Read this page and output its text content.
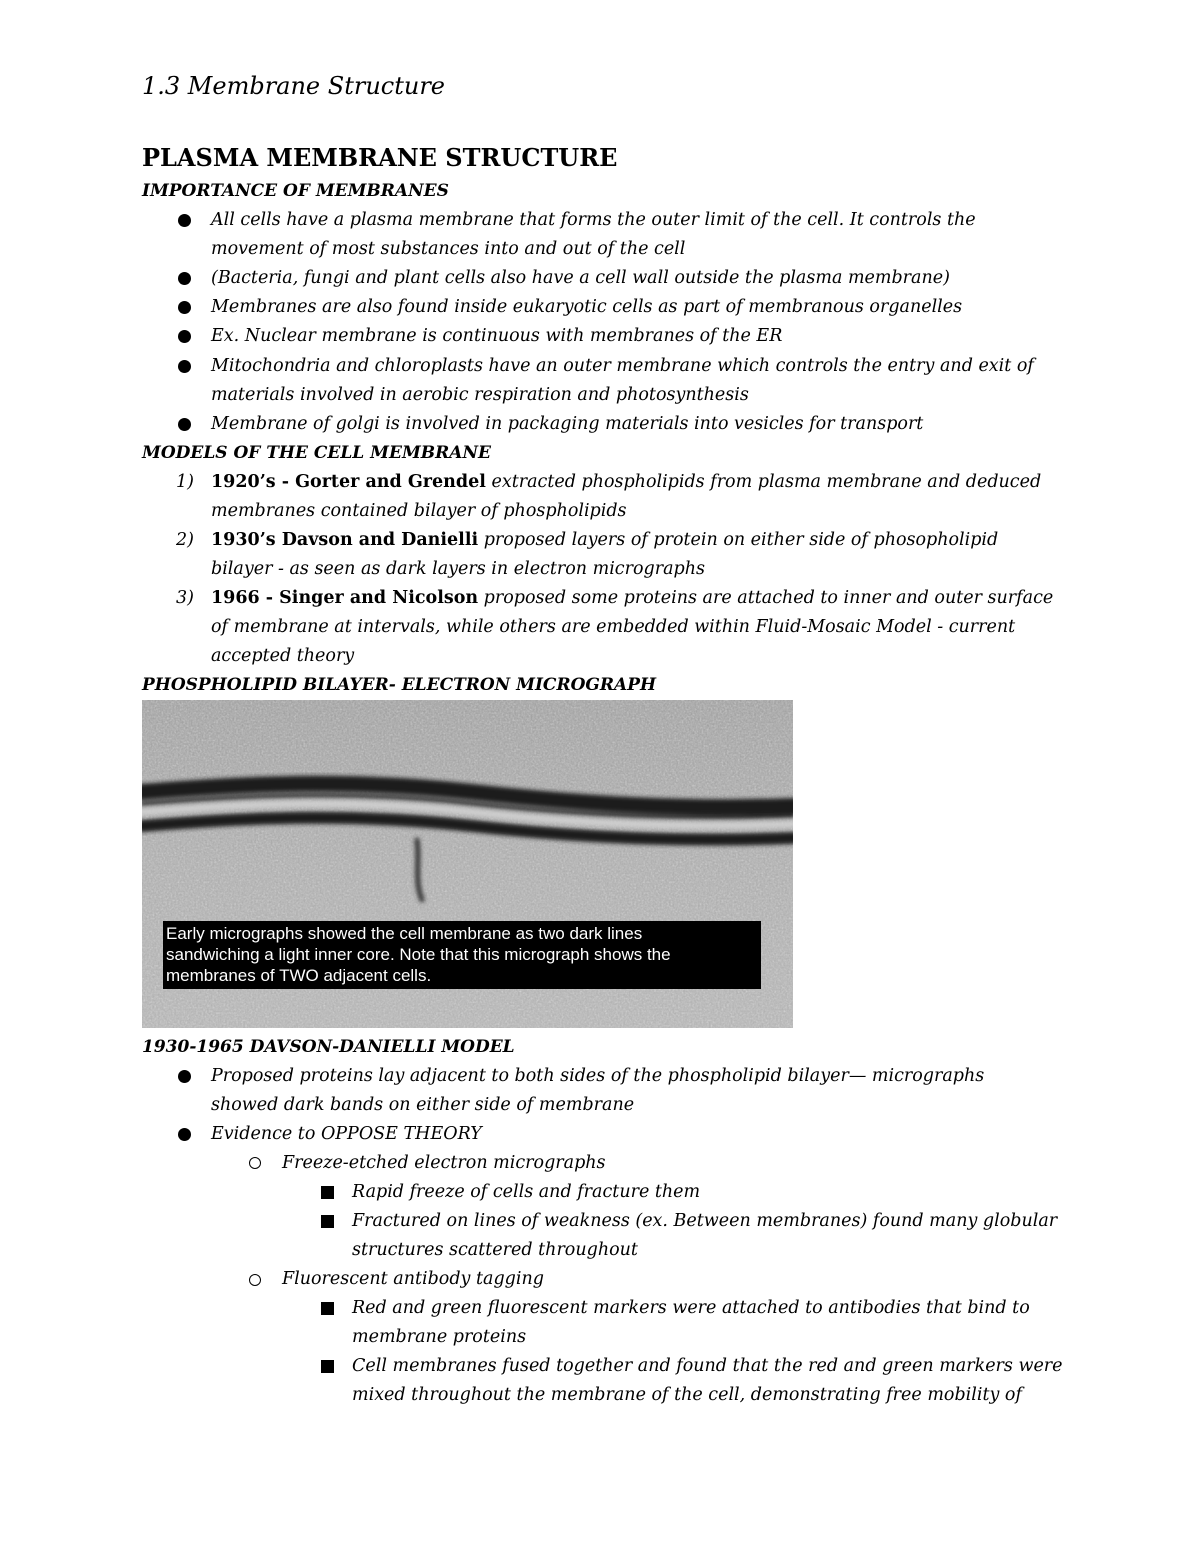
1.3 Membrane Structure
PLASMA MEMBRANE STRUCTURE
IMPORTANCE OF MEMBRANES
All cells have a plasma membrane that forms the outer limit of the cell. It controls the
movement of most substances into and out of the cell
(Bacteria, fungi and plant cells also have a cell wall outside the plasma membrane)
Membranes are also found inside eukaryotic cells as part of membranous organelles
Ex. Nuclear membrane is continuous with membranes of the ER
Mitochondria and chloroplasts have an outer membrane which controls the entry and exit of
materials involved in aerobic respiration and photosynthesis
Membrane of golgi is involved in packaging materials into vesicles for transport
MODELS OF THE CELL MEMBRANE
1) 1920’s - Gorter and Grendel extracted phospholipids from plasma membrane and deduced
membranes contained bilayer of phospholipids
2) 1930’s Davson and Danielli proposed layers of protein on either side of phosopholipid
bilayer - as seen as dark layers in electron micrographs
3) 1966 - Singer and Nicolson proposed some proteins are attached to inner and outer surface
of membrane at intervals, while others are embedded within Fluid-Mosaic Model - current
accepted theory
PHOSPHOLIPID BILAYER- ELECTRON MICROGRAPH
Early micrographs showed the cell membrane as two dark lines
sandwiching a light inner core. Note that this micrograph shows the
membranes of TWO adjacent cells.
1930-1965 DAVSON-DANIELLI MODEL
Proposed proteins lay adjacent to both sides of the phospholipid bilayer— micrographs
showed dark bands on either side of membrane
Evidence to OPPOSE THEORY
Freeze-etched electron micrographs
Rapid freeze of cells and fracture them
Fractured on lines of weakness (ex. Between membranes) found many globular
structures scattered throughout
Fluorescent antibody tagging
Red and green fluorescent markers were attached to antibodies that bind to
membrane proteins
Cell membranes fused together and found that the red and green markers were
mixed throughout the membrane of the cell, demonstrating free mobility of
